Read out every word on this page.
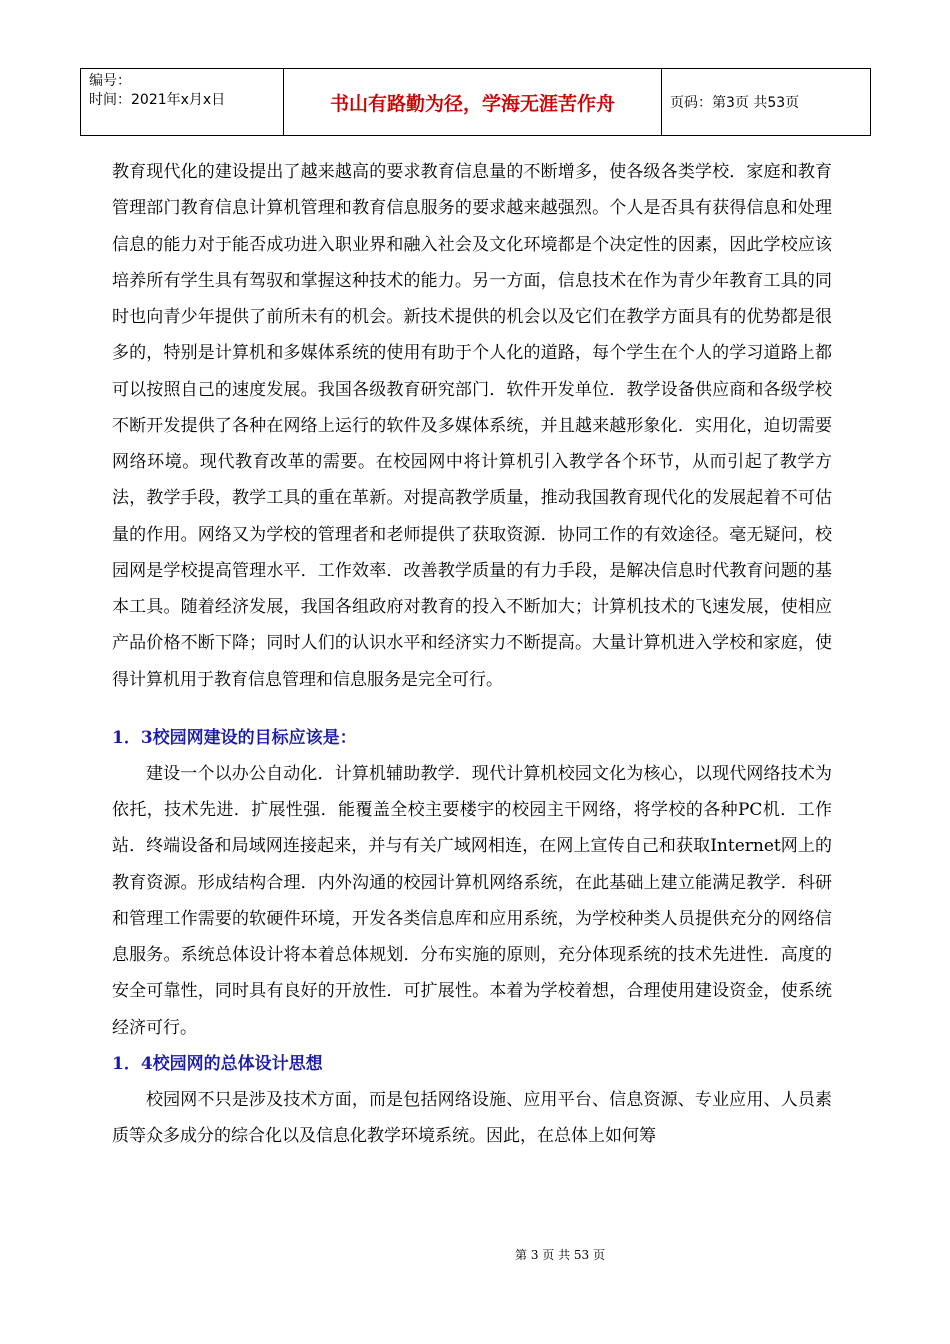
编号：
时间：2021年x月x日	书山有路勤为径，学海无涯苦作舟	页码：第3页 共53页

教育现代化的建设提出了越来越高的要求教育信息量的不断增多，使各级各类学校．家庭和教育管理部门教育信息计算机管理和教育信息服务的要求越来越强烈。个人是否具有获得信息和处理信息的能力对于能否成功进入职业界和融入社会及文化环境都是个决定性的因素，因此学校应该培养所有学生具有驾驭和掌握这种技术的能力。另一方面，信息技术在作为青少年教育工具的同时也向青少年提供了前所未有的机会。新技术提供的机会以及它们在教学方面具有的优势都是很多的，特别是计算机和多媒体系统的使用有助于个人化的道路，每个学生在个人的学习道路上都可以按照自己的速度发展。我国各级教育研究部门．软件开发单位．教学设备供应商和各级学校不断开发提供了各种在网络上运行的软件及多媒体系统，并且越来越形象化．实用化，迫切需要网络环境。现代教育改革的需要。在校园网中将计算机引入教学各个环节，从而引起了教学方法，教学手段，教学工具的重在革新。对提高教学质量，推动我国教育现代化的发展起着不可估量的作用。网络又为学校的管理者和老师提供了获取资源．协同工作的有效途径。毫无疑问，校园网是学校提高管理水平．工作效率．改善教学质量的有力手段，是解决信息时代教育问题的基本工具。随着经济发展，我国各组政府对教育的投入不断加大；计算机技术的飞速发展，使相应产品价格不断下降；同时人们的认识水平和经济实力不断提高。大量计算机进入学校和家庭，使得计算机用于教育信息管理和信息服务是完全可行。

1．3校园网建设的目标应该是：

建设一个以办公自动化．计算机辅助教学．现代计算机校园文化为核心，以现代网络技术为依托，技术先进．扩展性强．能覆盖全校主要楼宇的校园主干网络，将学校的各种PC机．工作站．终端设备和局域网连接起来，并与有关广域网相连，在网上宣传自己和获取Internet网上的教育资源。形成结构合理．内外沟通的校园计算机网络系统，在此基础上建立能满足教学．科研和管理工作需要的软硬件环境，开发各类信息库和应用系统，为学校种类人员提供充分的网络信息服务。系统总体设计将本着总体规划．分布实施的原则，充分体现系统的技术先进性．高度的安全可靠性，同时具有良好的开放性．可扩展性。本着为学校着想，合理使用建设资金，使系统经济可行。

1．4校园网的总体设计思想

校园网不只是涉及技术方面，而是包括网络设施、应用平台、信息资源、专业应用、人员素质等众多成分的综合化以及信息化教学环境系统。因此，在总体上如何筹

第 3 页 共 53 页
